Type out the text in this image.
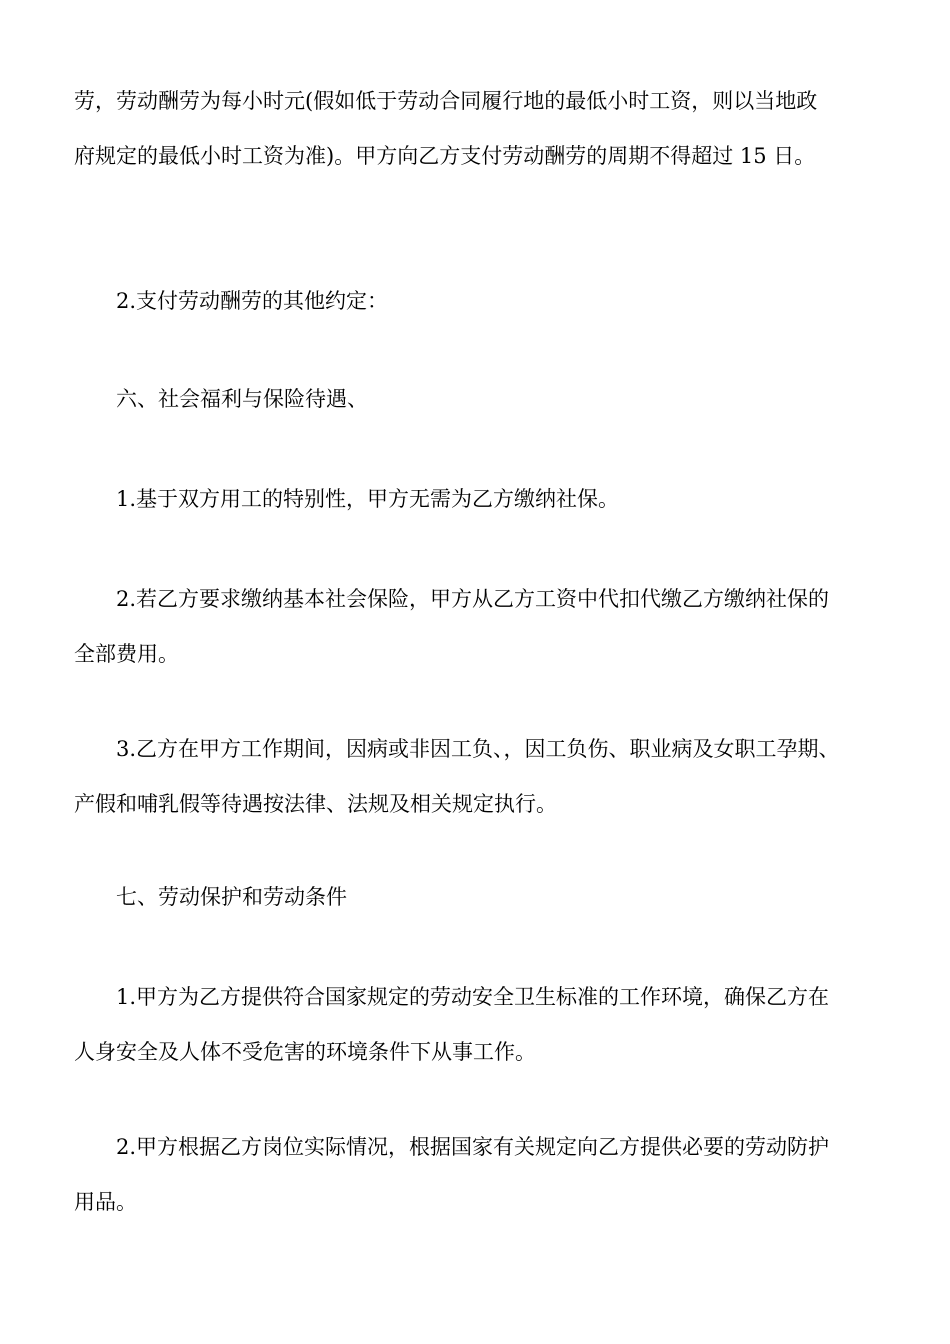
劳，劳动酬劳为每小时元(假如低于劳动合同履行地的最低小时工资，则以当地政
府规定的最低小时工资为准)。甲方向乙方支付劳动酬劳的周期不得超过 15 日。
2.支付劳动酬劳的其他约定：
六、社会福利与保险待遇、
1.基于双方用工的特别性，甲方无需为乙方缴纳社保。
2.若乙方要求缴纳基本社会保险，甲方从乙方工资中代扣代缴乙方缴纳社保的
全部费用。
3.乙方在甲方工作期间，因病或非因工负、，因工负伤、职业病及女职工孕期、
产假和哺乳假等待遇按法律、法规及相关规定执行。
七、劳动保护和劳动条件
1.甲方为乙方提供符合国家规定的劳动安全卫生标准的工作环境，确保乙方在
人身安全及人体不受危害的环境条件下从事工作。
2.甲方根据乙方岗位实际情况，根据国家有关规定向乙方提供必要的劳动防护
用品。
